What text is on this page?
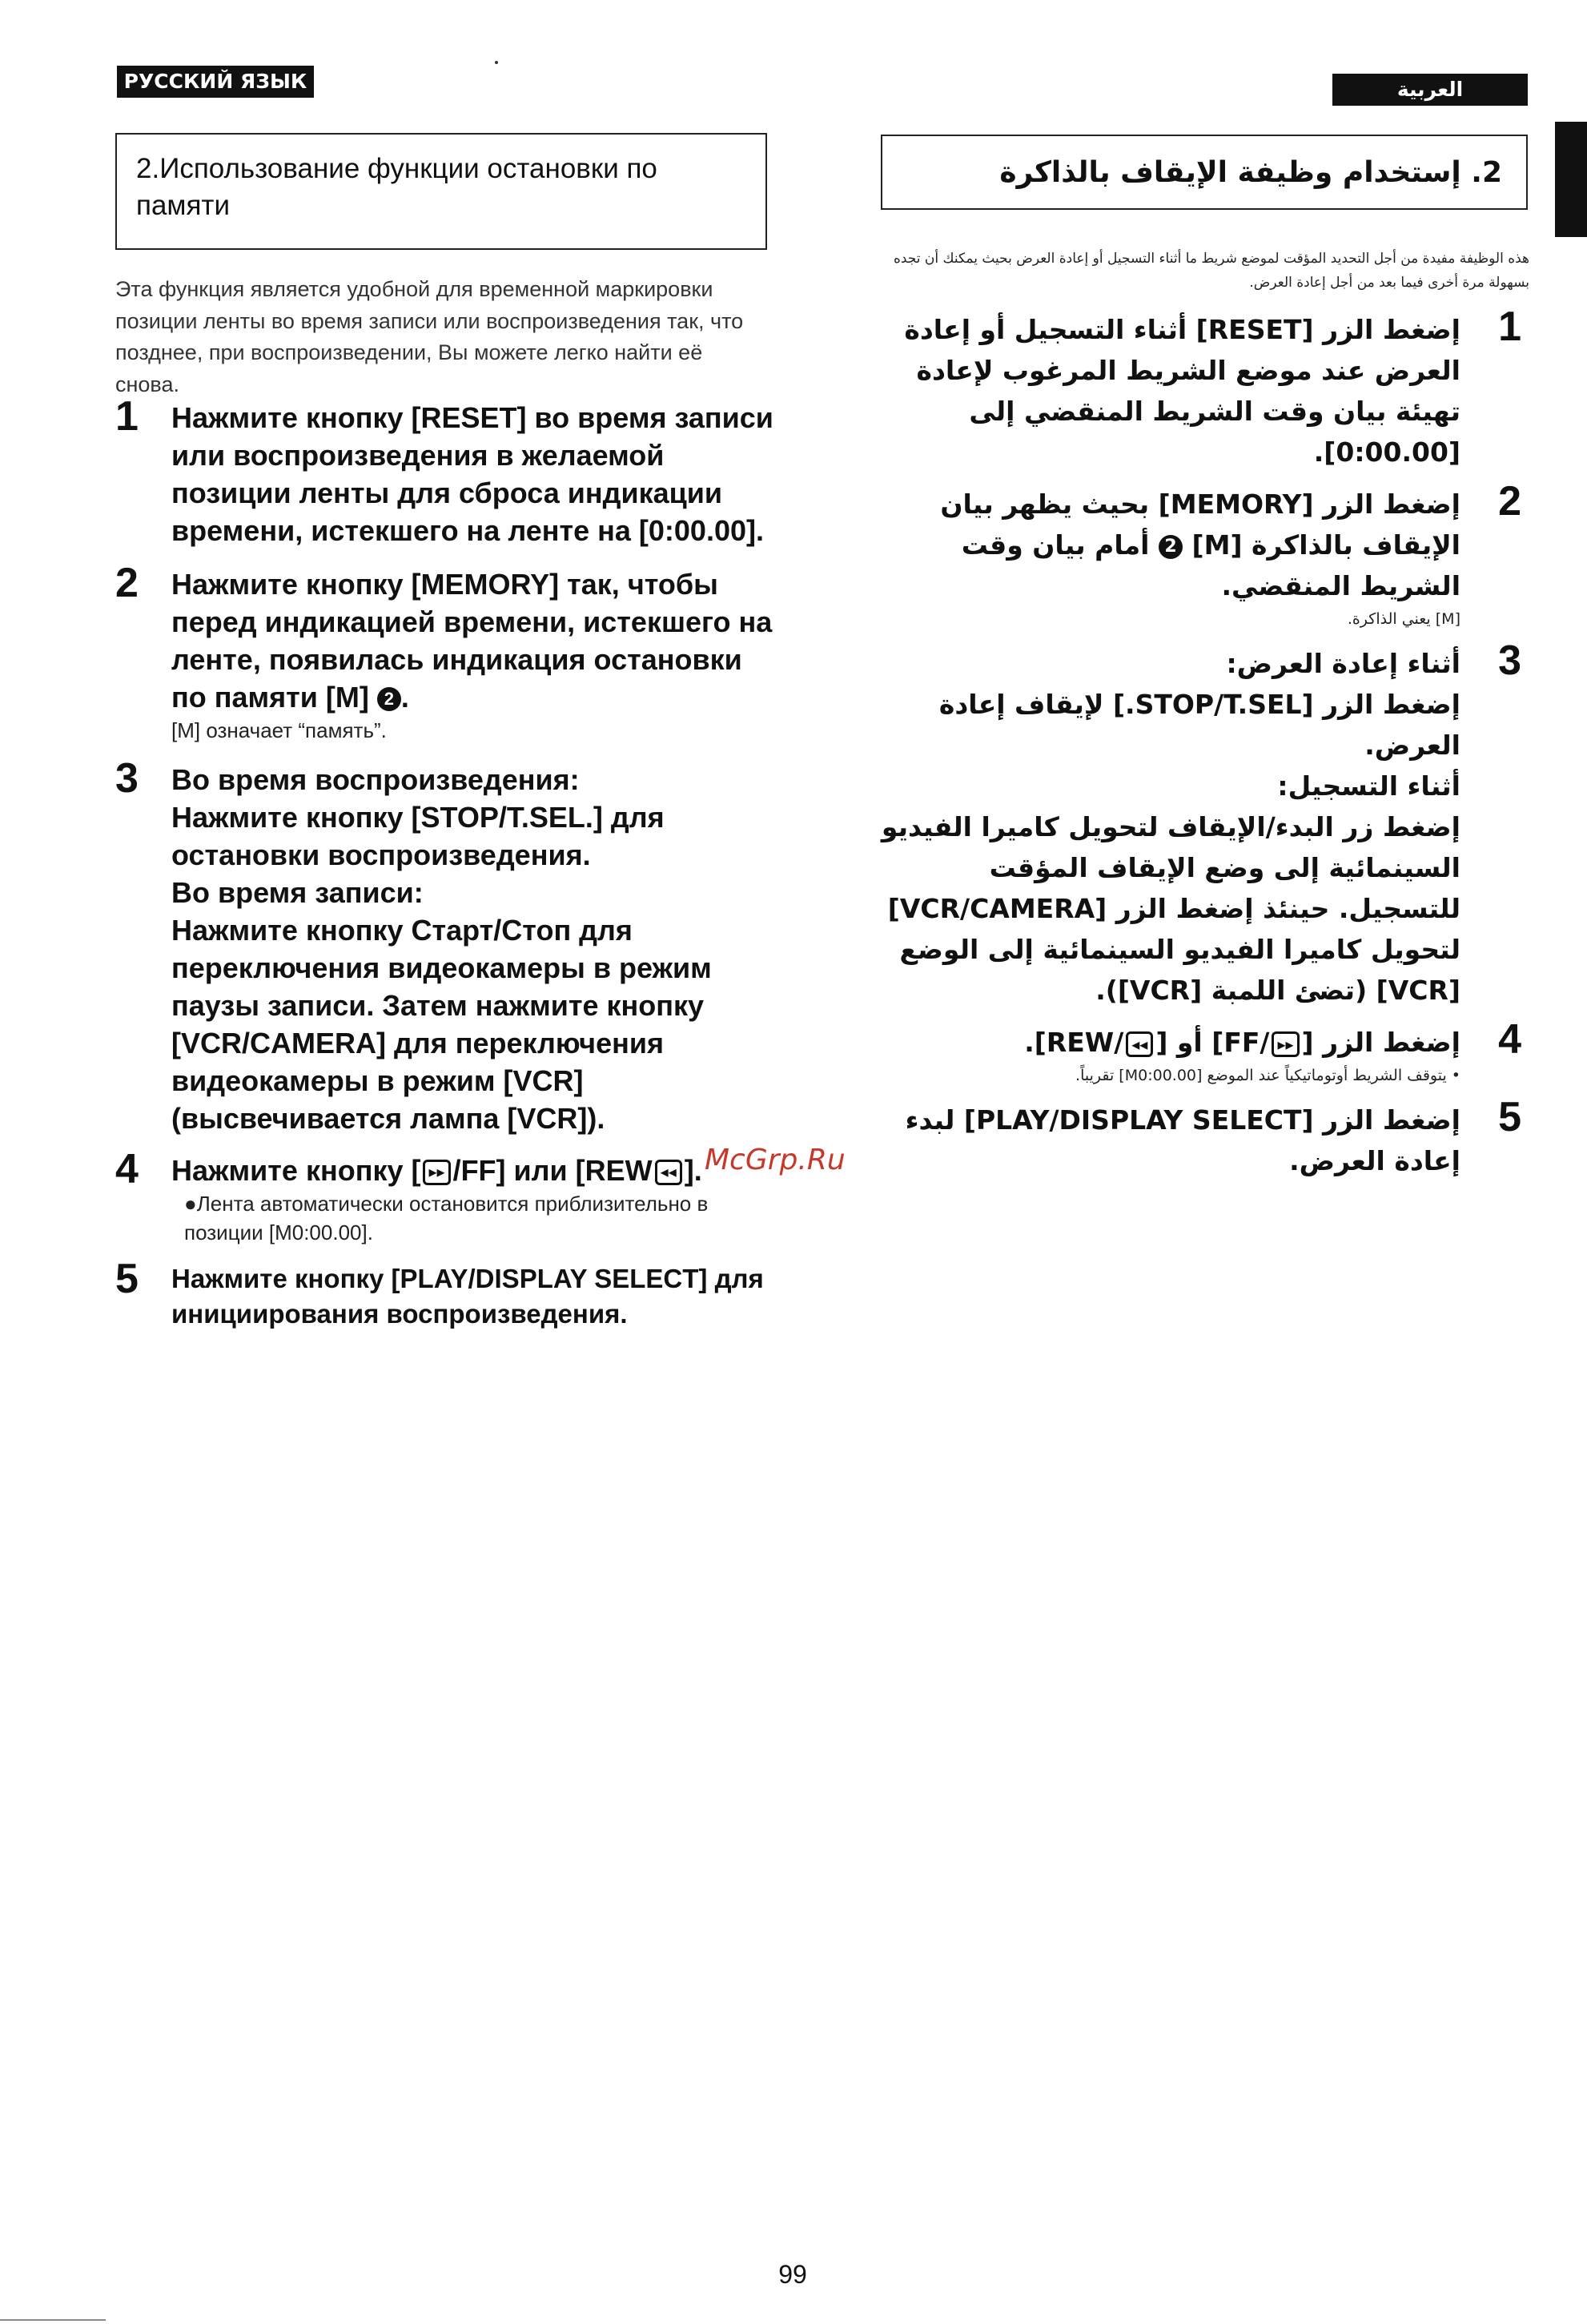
РУССКИЙ ЯЗЫК	العربية
2.Использование функции остановки по памяти
Эта функция является удобной для временной маркировки позиции ленты во время записи или воспроизведения так, что позднее, при воспроизведении, Вы можете легко найти её снова.
1 Нажмите кнопку [RESET] во время записи или воспроизведения в желаемой позиции ленты для сброса индикации времени, истекшего на ленте на [0:00.00].
2 Нажмите кнопку [MEMORY] так, чтобы перед индикацией времени, истекшего на ленте, появилась индикация остановки по памяти [M] 2 .
[M] означает “память”.
3 Во время воспроизведения:
Нажмите кнопку [STOP/T.SEL.] для остановки воспроизведения.
Во время записи:
Нажмите кнопку Старт/Стоп для переключения видеокамеры в режим паузы записи. Затем нажмите кнопку [VCR/CAMERA] для переключения видеокамеры в режим [VCR] (высвечивается лампа [VCR]).
4 Нажмите кнопку [ ▸▸ /FF] или [REW ◂◂ ].
●Лента автоматически остановится приблизительно в позиции [M0:00.00].
5 Нажмите кнопку [PLAY/DISPLAY SELECT] для инициирования воспроизведения.
2. إستخدام وظيفة الإيقاف بالذاكرة
هذه الوظيفة مفيدة من أجل التحديد المؤقت لموضع شريط ما أثناء التسجيل أو إعادة العرض بحيث يمكنك أن تجده بسهولة مرة أخرى فيما بعد من أجل إعادة العرض.
1
إضغط الزر [RESET] أثناء التسجيل أو إعادة العرض عند موضع الشريط المرغوب لإعادة تهيئة بيان وقت الشريط المنقضي إلى [0:00.00].
2
إضغط الزر [MEMORY] بحيث يظهر بيان الإيقاف بالذاكرة [M] 2 أمام بيان وقت الشريط المنقضي.
[M] يعني الذاكرة.
3
أثناء إعادة العرض:
إضغط الزر [STOP/T.SEL.] لإيقاف إعادة العرض.
أثناء التسجيل:
إضغط زر البدء/الإيقاف لتحويل كاميرا الفيديو السينمائية إلى وضع الإيقاف المؤقت للتسجيل. حينئذ إضغط الزر [VCR/CAMERA] لتحويل كاميرا الفيديو السينمائية إلى الوضع [VCR] (تضئ اللمبة [VCR]).
4
إضغط الزر [▸▸/FF] أو [◂◂/REW].
• يتوقف الشريط أوتوماتيكياً عند الموضع [M0:00.00] تقريباً.
5
إضغط الزر [PLAY/DISPLAY SELECT] لبدء إعادة العرض.
McGrp.Ru
99
